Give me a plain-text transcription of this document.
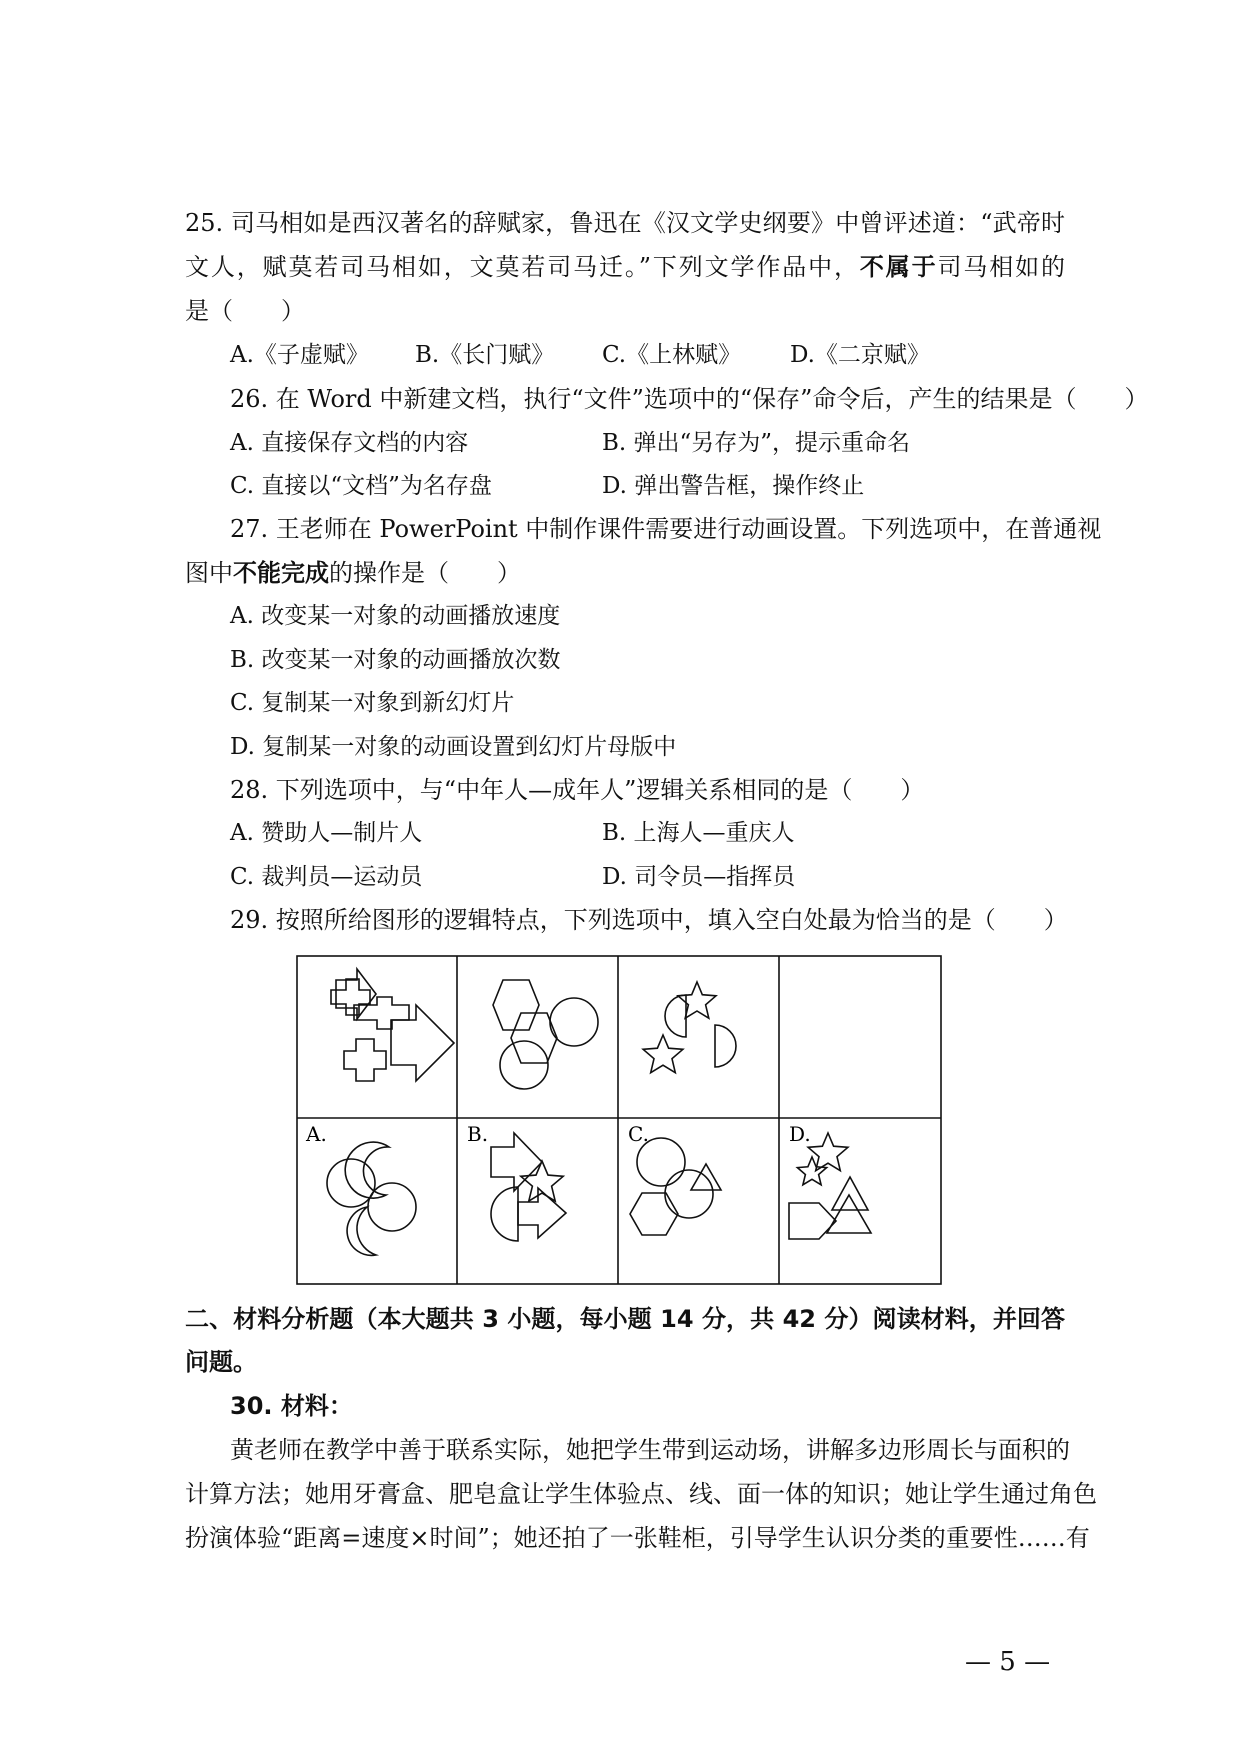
25. 司马相如是西汉著名的辞赋家，鲁迅在《汉文学史纲要》中曾评述道：“武帝时
文人，赋莫若司马相如，文莫若司马迁。”下列文学作品中，不属于司马相如的
是（　　）
A.《子虚赋》 B.《长门赋》 C.《上林赋》 D.《二京赋》
26. 在 Word 中新建文档，执行“文件”选项中的“保存”命令后，产生的结果是（　　）
A. 直接保存文档的内容	B. 弹出“另存为”，提示重命名
C. 直接以“文档”为名存盘	D. 弹出警告框，操作终止
27. 王老师在 PowerPoint 中制作课件需要进行动画设置。下列选项中，在普通视
图中不能完成的操作是（　　）
A. 改变某一对象的动画播放速度
B. 改变某一对象的动画播放次数
C. 复制某一对象到新幻灯片
D. 复制某一对象的动画设置到幻灯片母版中
28. 下列选项中，与“中年人—成年人”逻辑关系相同的是（　　）
A. 赞助人—制片人	B. 上海人—重庆人
C. 裁判员—运动员	D. 司令员—指挥员
29. 按照所给图形的逻辑特点，下列选项中，填入空白处最为恰当的是（　　）
A.	B.	C.	D.
二、材料分析题（本大题共 3 小题，每小题 14 分，共 42 分）阅读材料，并回答
问题。
30. 材料：
黄老师在教学中善于联系实际，她把学生带到运动场，讲解多边形周长与面积的
计算方法；她用牙膏盒、肥皂盒让学生体验点、线、面一体的知识；她让学生通过角色
扮演体验“距离=速度×时间”；她还拍了一张鞋柜，引导学生认识分类的重要性……有
— 5 —
